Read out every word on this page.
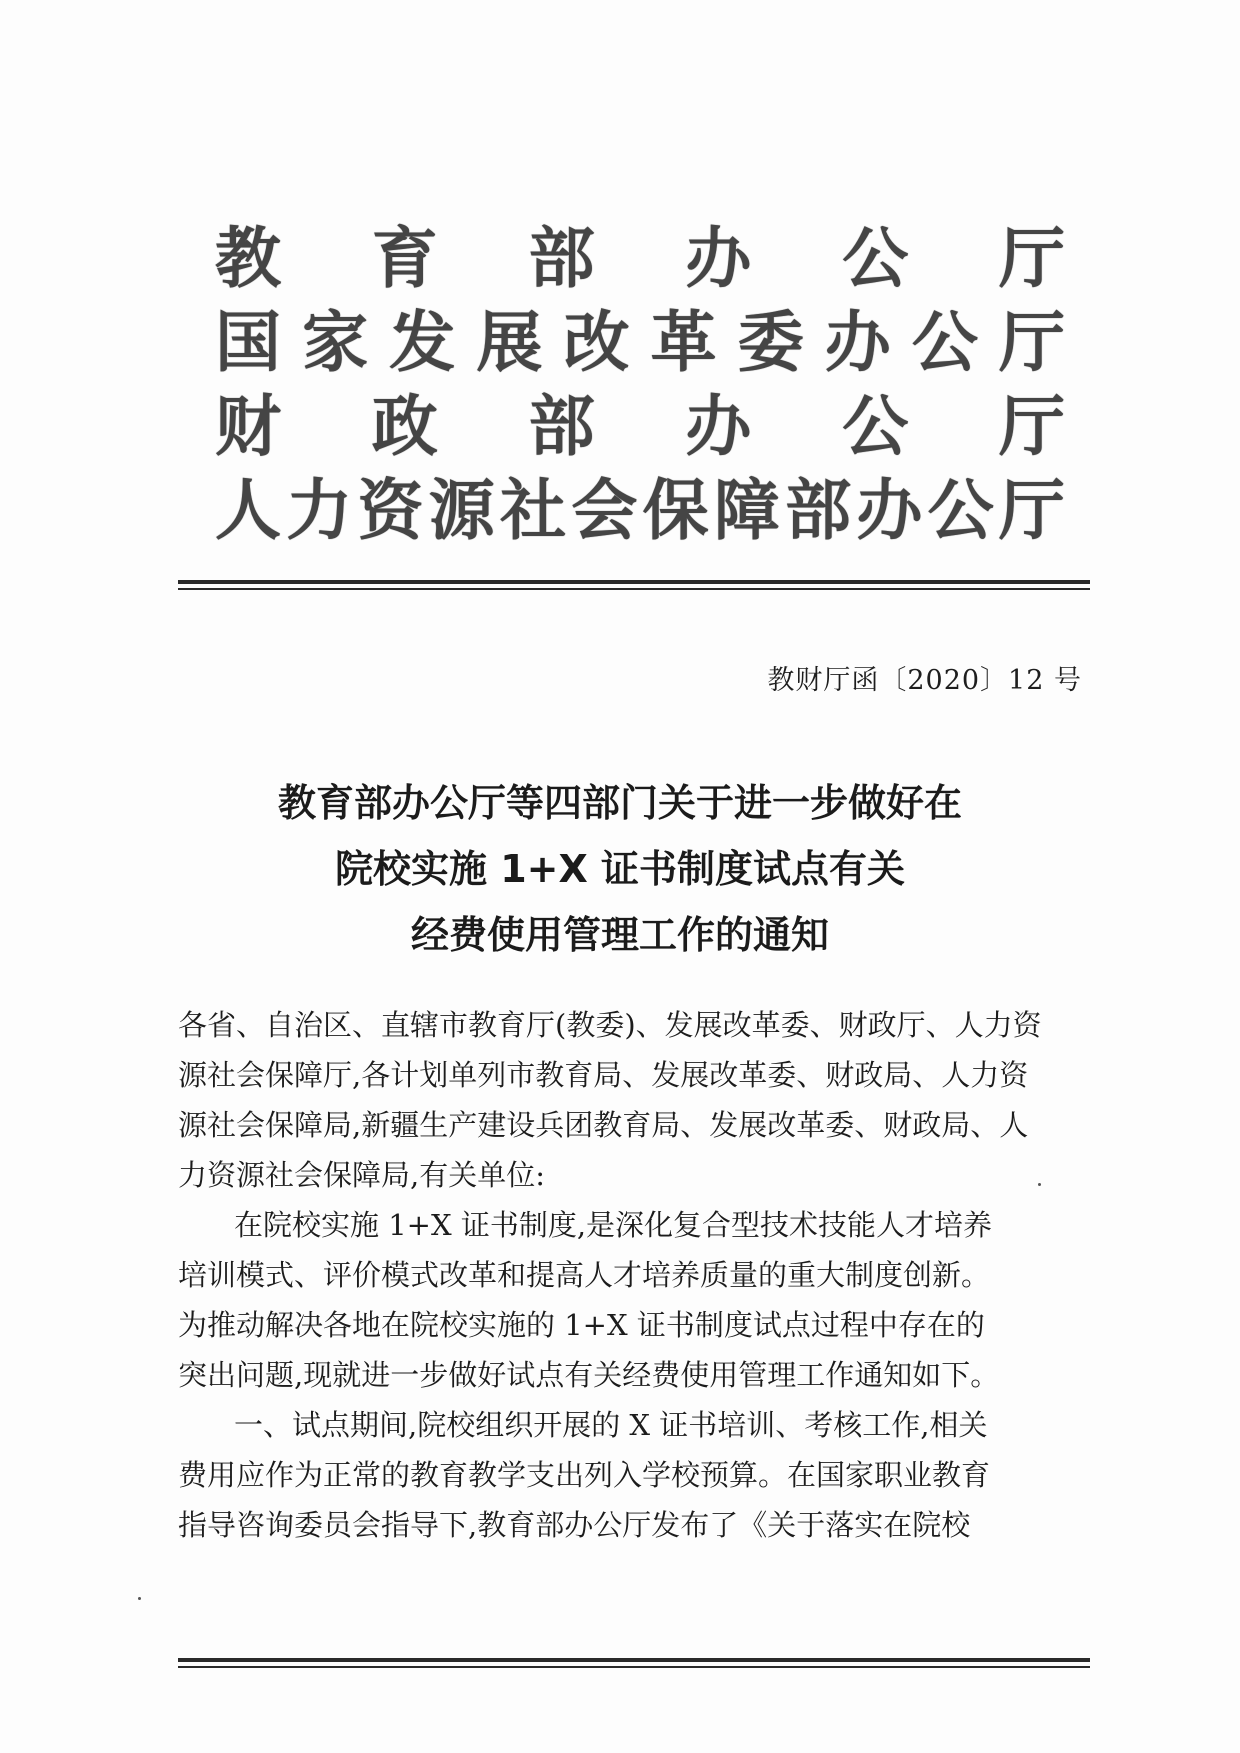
教 育 部 办 公 厅
国 家 发 展 改 革 委 办 公 厅
财 政 部 办 公 厅
人 力 资 源 社 会 保 障 部 办 公 厅
教财厅函〔2020〕12 号
教育部办公厅等四部门关于进一步做好在
院校实施 1+X 证书制度试点有关
经费使用管理工作的通知
各省、自治区、直辖市教育厅(教委)、发展改革委、财政厅、人力资
源社会保障厅,各计划单列市教育局、发展改革委、财政局、人力资
源社会保障局,新疆生产建设兵团教育局、发展改革委、财政局、人
力资源社会保障局,有关单位:
在院校实施 1+X 证书制度,是深化复合型技术技能人才培养
培训模式、评价模式改革和提高人才培养质量的重大制度创新。
为推动解决各地在院校实施的 1+X 证书制度试点过程中存在的
突出问题,现就进一步做好试点有关经费使用管理工作通知如下。
一、试点期间,院校组织开展的 X 证书培训、考核工作,相关
费用应作为正常的教育教学支出列入学校预算。在国家职业教育
指导咨询委员会指导下,教育部办公厅发布了《关于落实在院校
